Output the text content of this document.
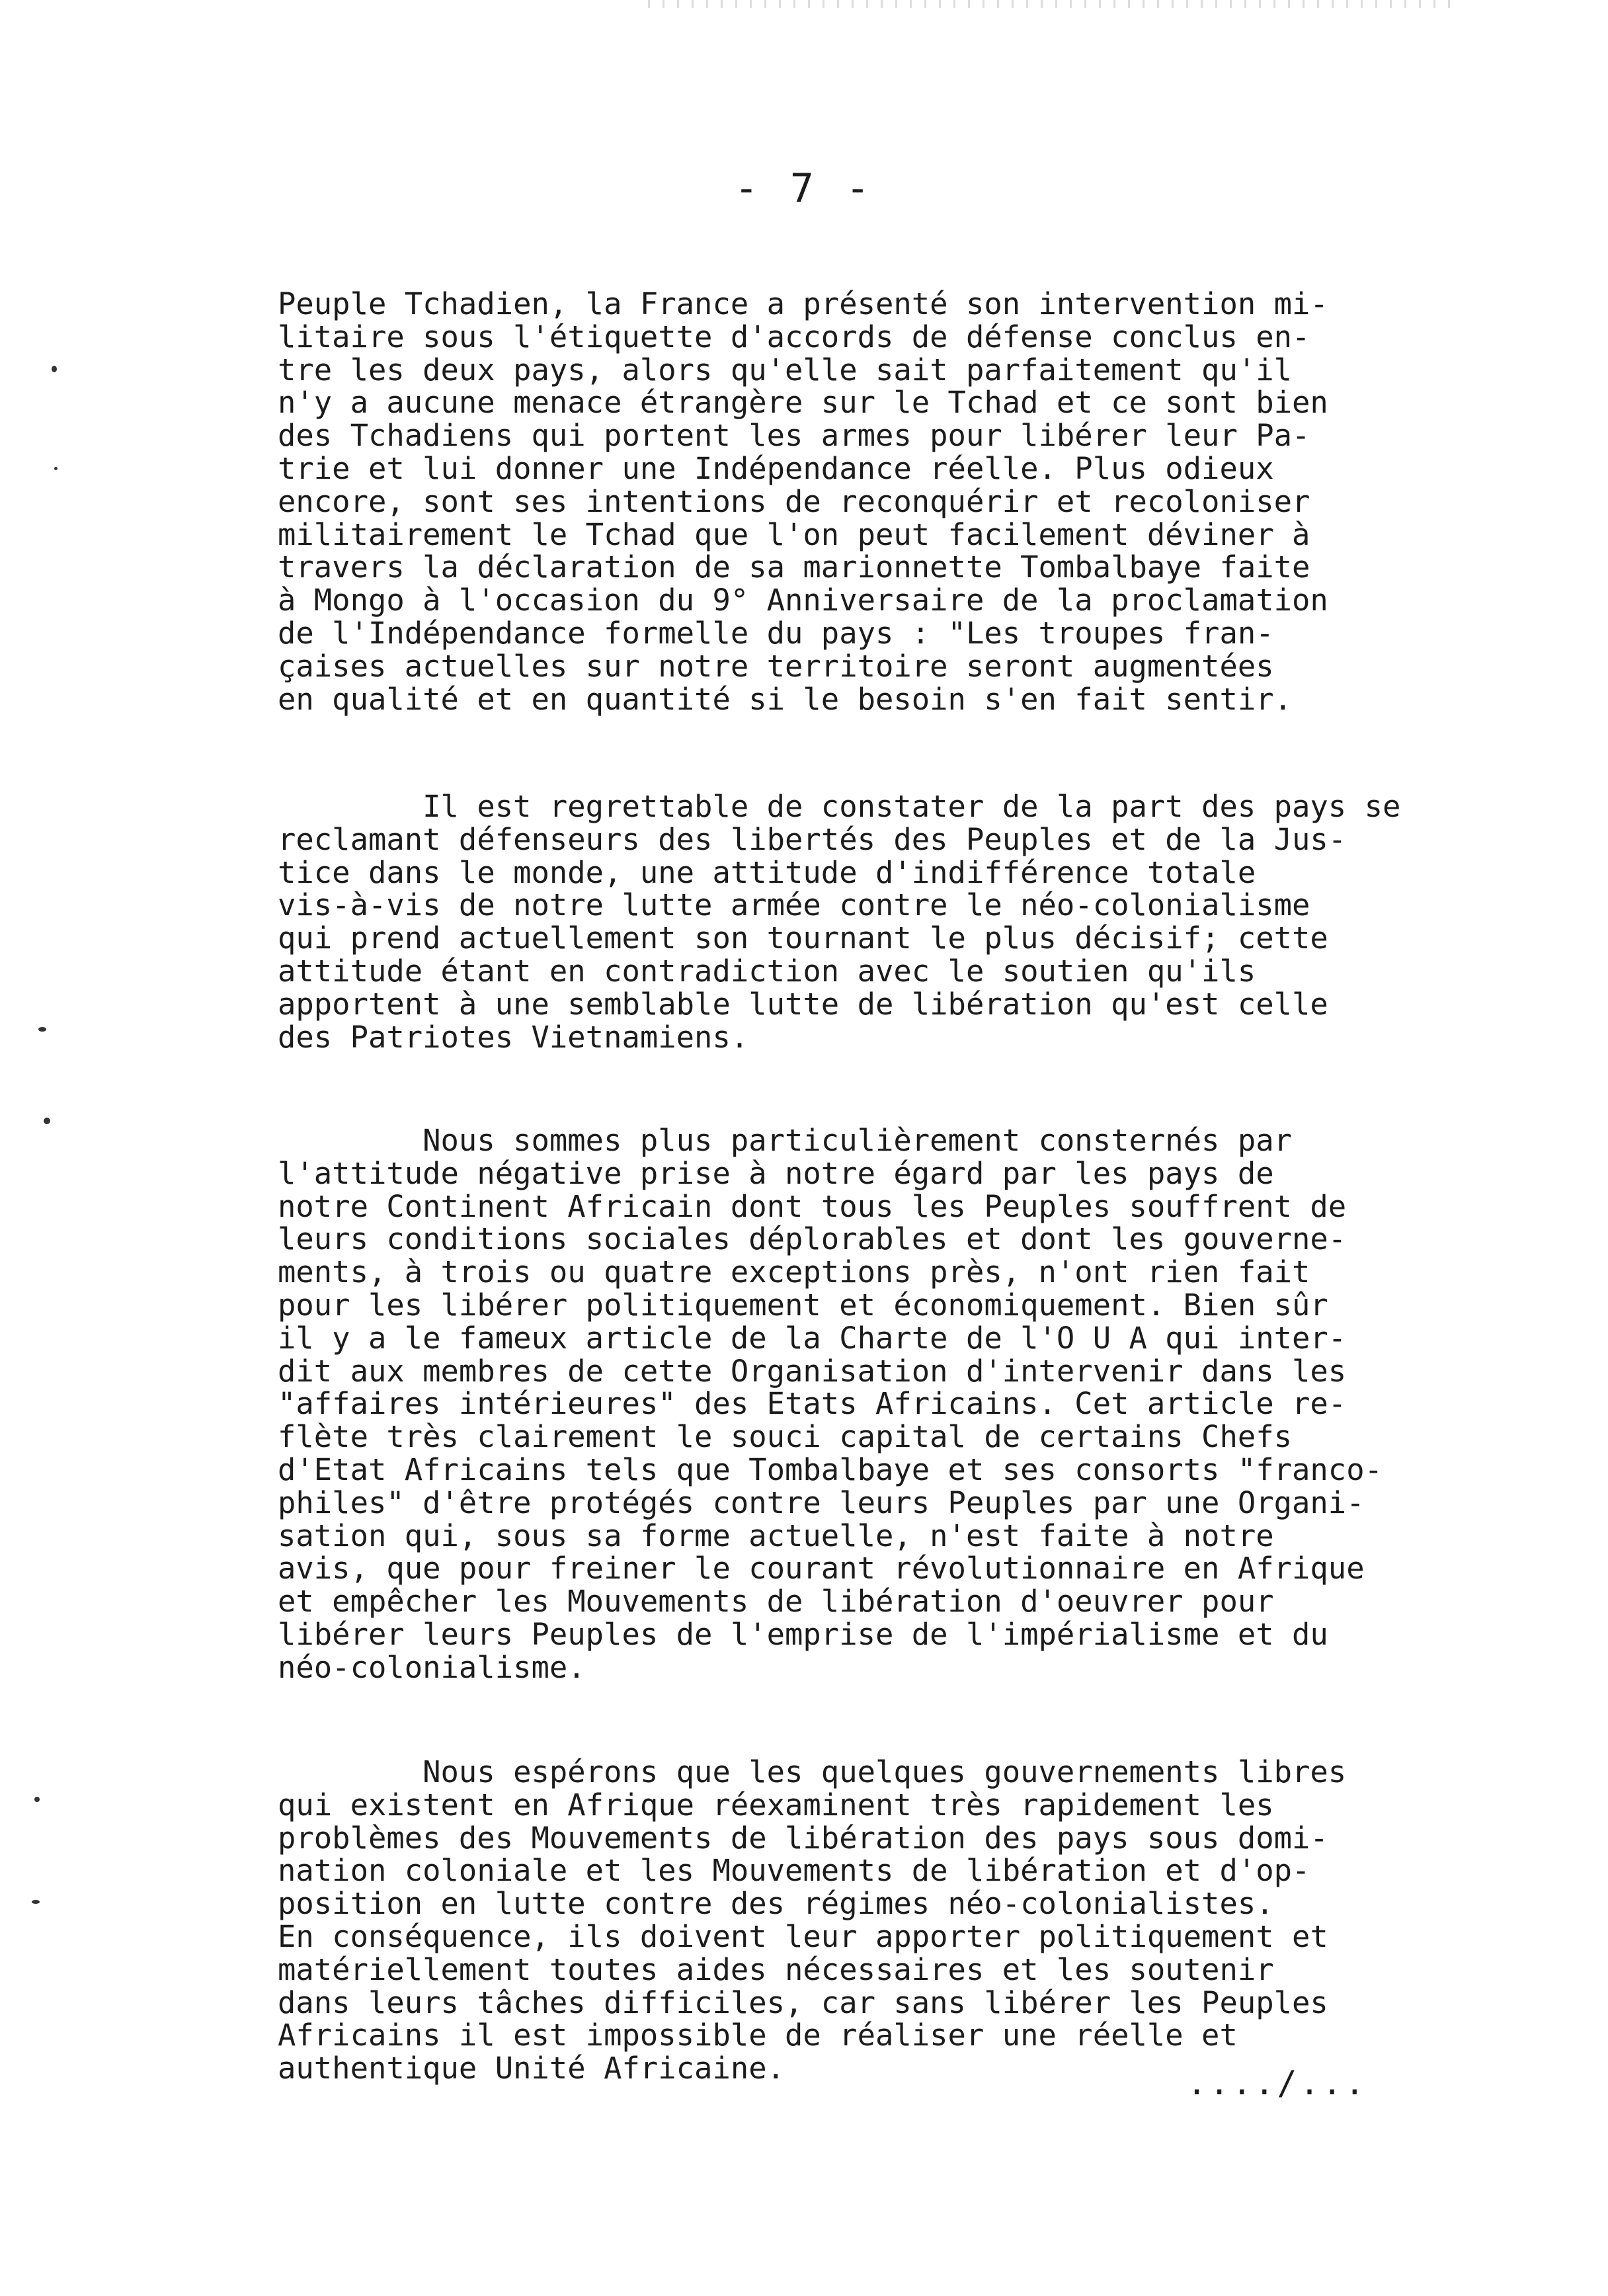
- 7 -
Peuple Tchadien, la France a présenté son intervention mi-
litaire sous l'étiquette d'accords de défense conclus en-
tre les deux pays, alors qu'elle sait parfaitement qu'il
n'y a aucune menace étrangère sur le Tchad et ce sont bien
des Tchadiens qui portent les armes pour libérer leur Pa-
trie et lui donner une Indépendance réelle. Plus odieux
encore, sont ses intentions de reconquérir et recoloniser
militairement le Tchad que l'on peut facilement déviner à
travers la déclaration de sa marionnette Tombalbaye faite
à Mongo à l'occasion du 9° Anniversaire de la proclamation
de l'Indépendance formelle du pays : "Les troupes fran-
çaises actuelles sur notre territoire seront augmentées
en qualité et en quantité si le besoin s'en fait sentir.
Il est regrettable de constater de la part des pays se
reclamant défenseurs des libertés des Peuples et de la Jus-
tice dans le monde, une attitude d'indifférence totale
vis-à-vis de notre lutte armée contre le néo-colonialisme
qui prend actuellement son tournant le plus décisif; cette
attitude étant en contradiction avec le soutien qu'ils
apportent à une semblable lutte de libération qu'est celle
des Patriotes Vietnamiens.
Nous sommes plus particulièrement consternés par
l'attitude négative prise à notre égard par les pays de
notre Continent Africain dont tous les Peuples souffrent de
leurs conditions sociales déplorables et dont les gouverne-
ments, à trois ou quatre exceptions près, n'ont rien fait
pour les libérer politiquement et économiquement. Bien sûr
il y a le fameux article de la Charte de l'O U A qui inter-
dit aux membres de cette Organisation d'intervenir dans les
"affaires intérieures" des Etats Africains. Cet article re-
flète très clairement le souci capital de certains Chefs
d'Etat Africains tels que Tombalbaye et ses consorts "franco-
philes" d'être protégés contre leurs Peuples par une Organi-
sation qui, sous sa forme actuelle, n'est faite à notre
avis, que pour freiner le courant révolutionnaire en Afrique
et empêcher les Mouvements de libération d'oeuvrer pour
libérer leurs Peuples de l'emprise de l'impérialisme et du
néo-colonialisme.
Nous espérons que les quelques gouvernements libres
qui existent en Afrique réexaminent très rapidement les
problèmes des Mouvements de libération des pays sous domi-
nation coloniale et les Mouvements de libération et d'op-
position en lutte contre des régimes néo-colonialistes.
En conséquence, ils doivent leur apporter politiquement et
matériellement toutes aides nécessaires et les soutenir
dans leurs tâches difficiles, car sans libérer les Peuples
Africains il est impossible de réaliser une réelle et
authentique Unité Africaine.	..../...
